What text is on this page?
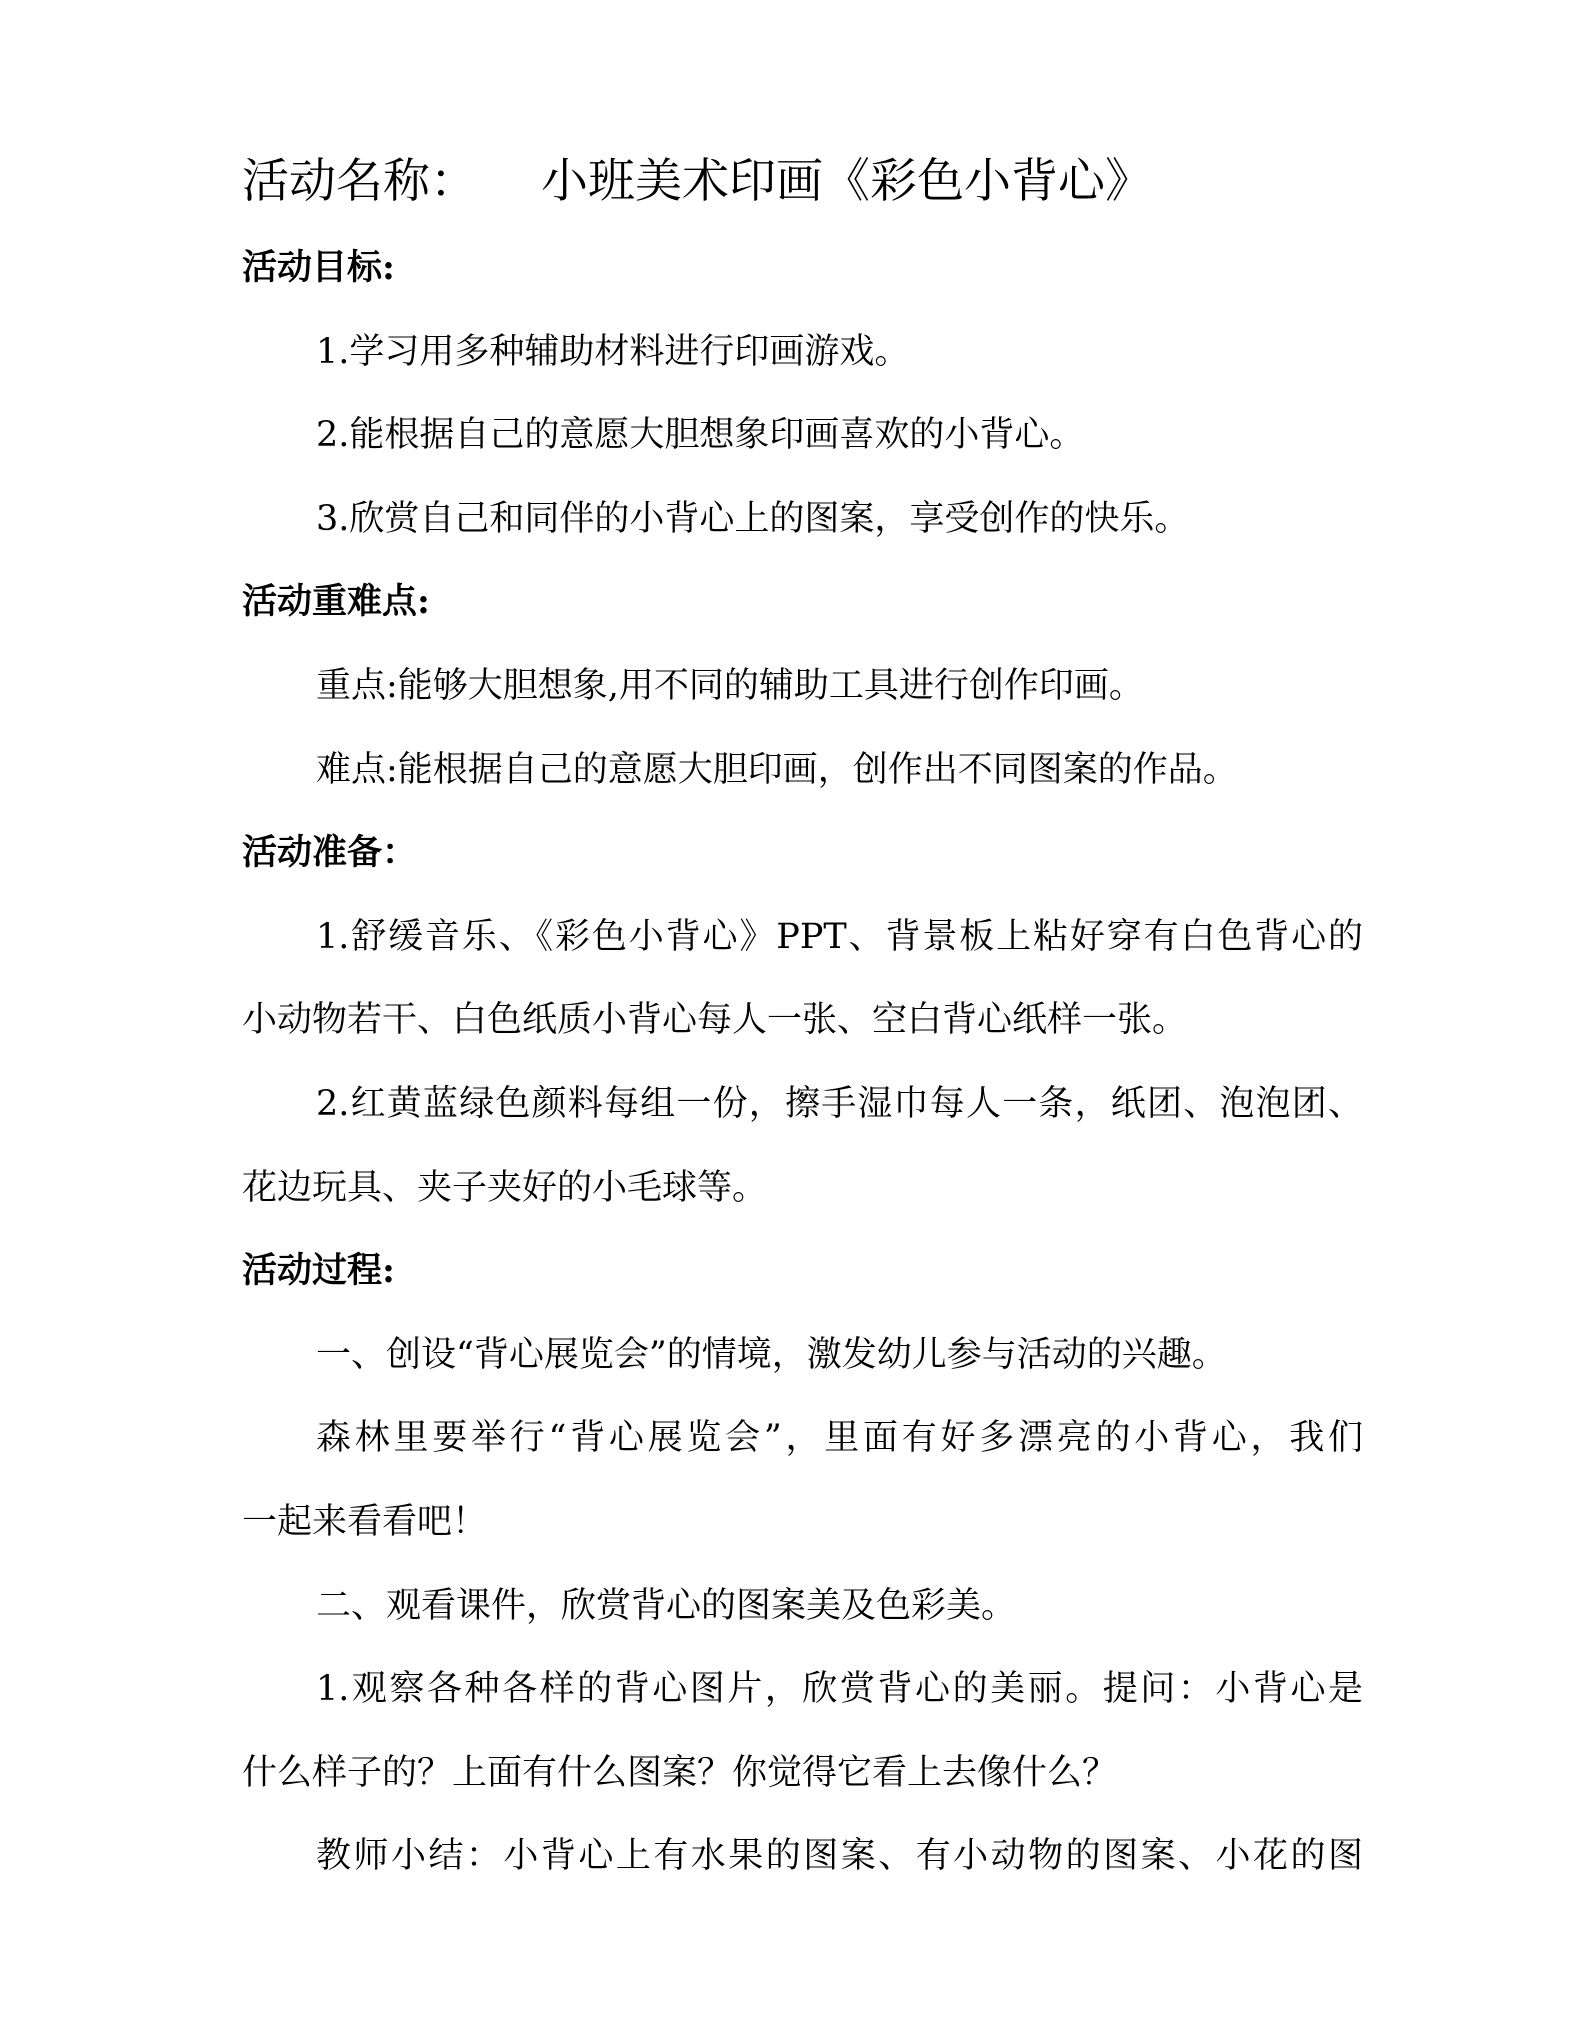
活动名称： 小班美术印画《彩色小背心》
活动目标:
1.学习用多种辅助材料进行印画游戏。
2.能根据自己的意愿大胆想象印画喜欢的小背心。
3.欣赏自己和同伴的小背心上的图案，享受创作的快乐。
活动重难点:
重点:能够大胆想象,用不同的辅助工具进行创作印画。
难点:能根据自己的意愿大胆印画，创作出不同图案的作品。
活动准备：
1.舒缓音乐、《彩色小背心》PPT、背景板上粘好穿有白色背心的
小动物若干、白色纸质小背心每人一张、空白背心纸样一张。
2.红黄蓝绿色颜料每组一份，擦手湿巾每人一条，纸团、泡泡团、
花边玩具、夹子夹好的小毛球等。
活动过程:
一、创设“背心展览会”的情境，激发幼儿参与活动的兴趣。
森林里要举行“背心展览会”，里面有好多漂亮的小背心，我们
一起来看看吧！
二、观看课件，欣赏背心的图案美及色彩美。
1.观察各种各样的背心图片，欣赏背心的美丽。提问：小背心是
什么样子的？上面有什么图案？你觉得它看上去像什么？
教师小结：小背心上有水果的图案、有小动物的图案、小花的图
